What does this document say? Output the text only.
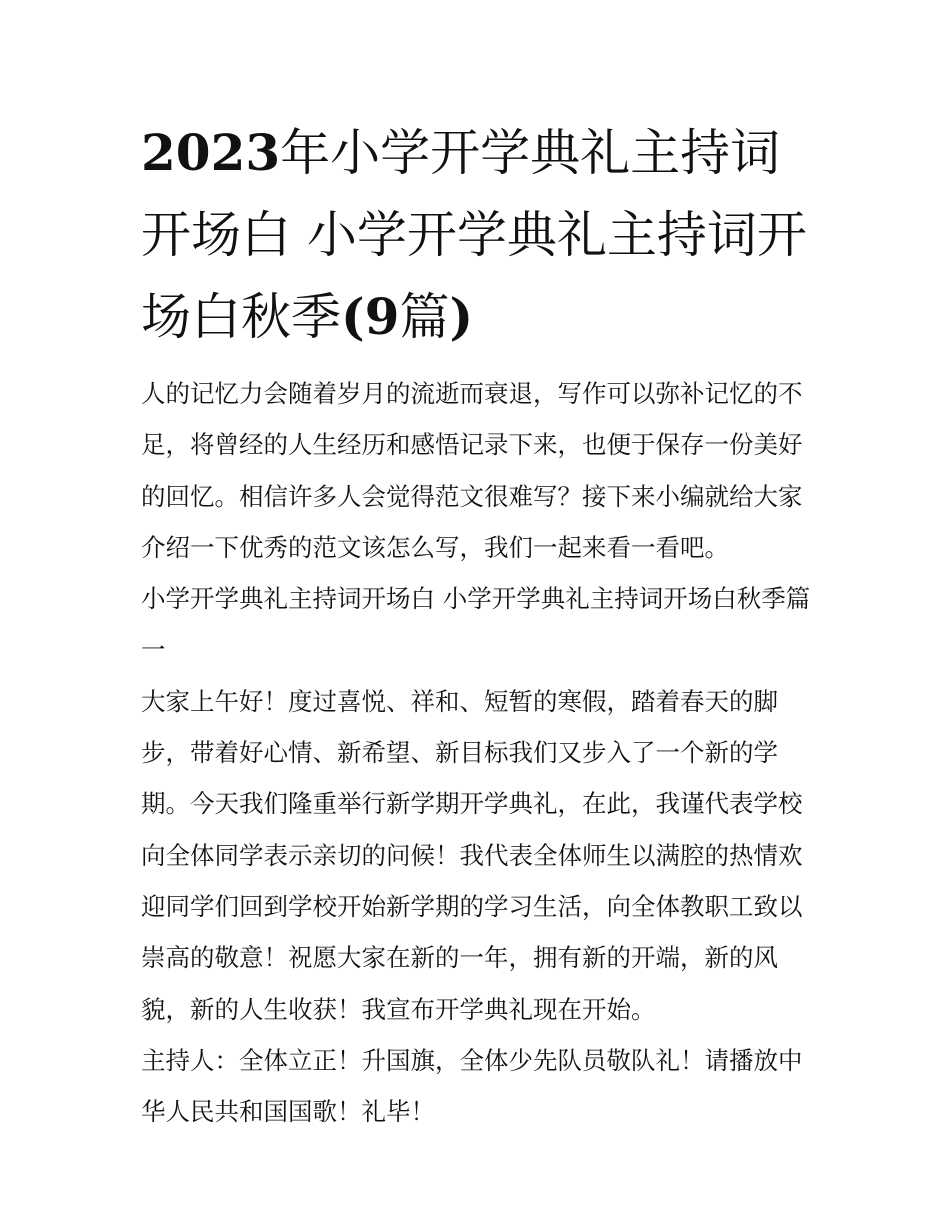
2023年小学开学典礼主持词开场白 小学开学典礼主持词开场白秋季(9篇)

人的记忆力会随着岁月的流逝而衰退，写作可以弥补记忆的不足，将曾经的人生经历和感悟记录下来，也便于保存一份美好的回忆。相信许多人会觉得范文很难写？接下来小编就给大家介绍一下优秀的范文该怎么写，我们一起来看一看吧。

小学开学典礼主持词开场白 小学开学典礼主持词开场白秋季篇一

大家上午好！度过喜悦、祥和、短暂的寒假，踏着春天的脚步，带着好心情、新希望、新目标我们又步入了一个新的学期。今天我们隆重举行新学期开学典礼，在此，我谨代表学校向全体同学表示亲切的问候！我代表全体师生以满腔的热情欢迎同学们回到学校开始新学期的学习生活，向全体教职工致以崇高的敬意！祝愿大家在新的一年，拥有新的开端，新的风貌，新的人生收获！我宣布开学典礼现在开始。

主持人：全体立正！升国旗，全体少先队员敬队礼！请播放中华人民共和国国歌！礼毕！
